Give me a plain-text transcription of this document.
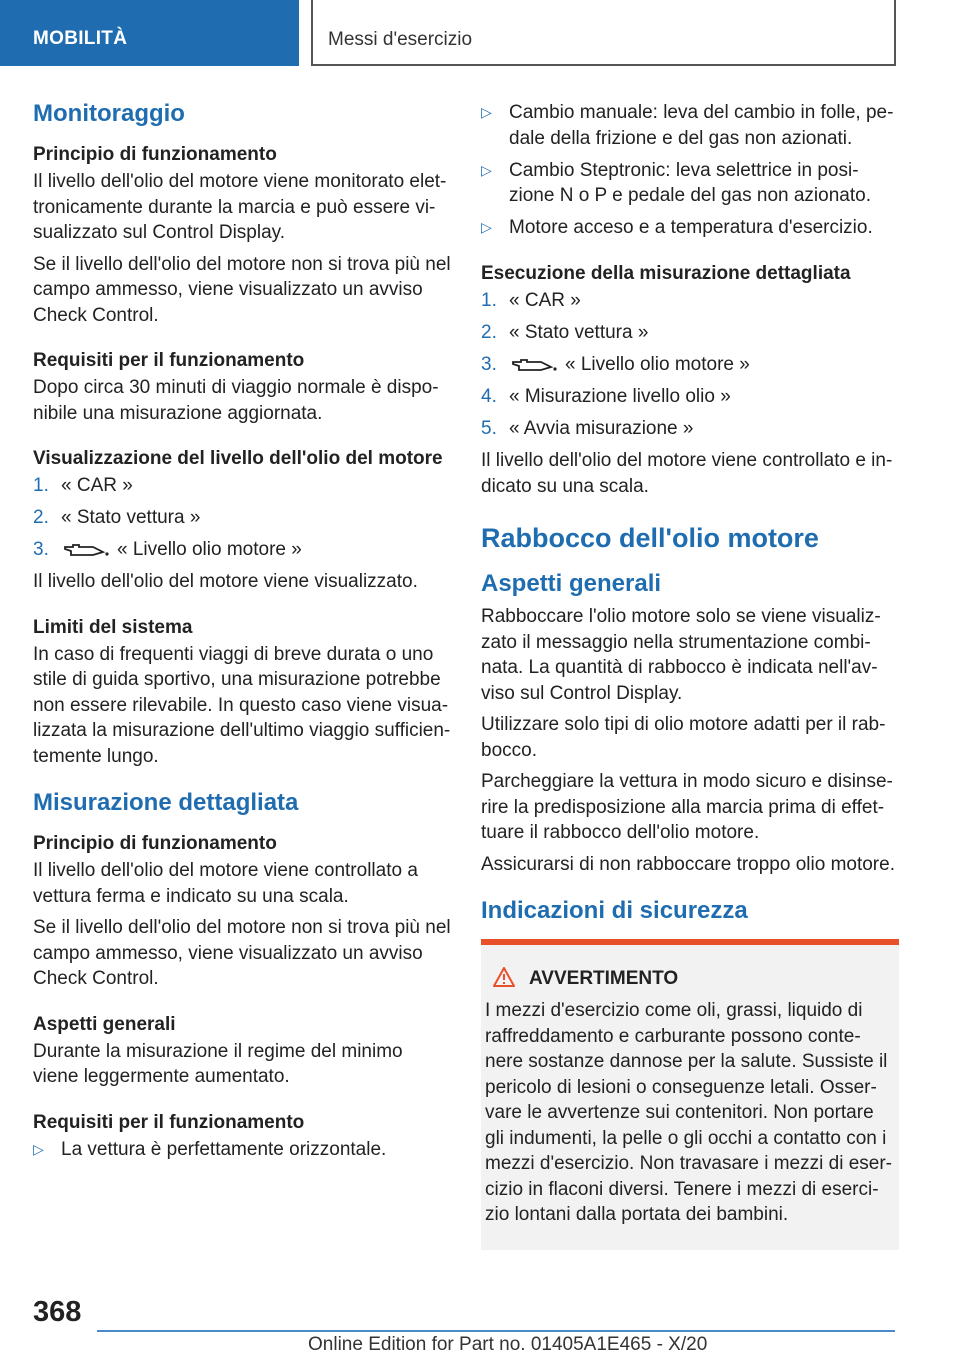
MOBILITÀ	Messi d'esercizio
Monitoraggio
Principio di funzionamento

Il livello dell'olio del motore viene monitorato elet-tronicamente durante la marcia e può essere vi-sualizzato sul Control Display.

Se il livello dell'olio del motore non si trova più nel campo ammesso, viene visualizzato un avviso Check Control.

Requisiti per il funzionamento

Dopo circa 30 minuti di viaggio normale è dispo-nibile una misurazione aggiornata.

Visualizzazione del livello dell'olio del motore
1. « CAR »
2. « Stato vettura »
3.	« Livello olio motore »

Il livello dell'olio del motore viene visualizzato.

Limiti del sistema

In caso di frequenti viaggi di breve durata o uno stile di guida sportivo, una misurazione potrebbe non essere rilevabile. In questo caso viene visua-lizzata la misurazione dell'ultimo viaggio sufficien-temente lungo.

Misurazione dettagliata
Principio di funzionamento

Il livello dell'olio del motore viene controllato a vettura ferma e indicato su una scala.

Se il livello dell'olio del motore non si trova più nel campo ammesso, viene visualizzato un avviso Check Control.

Aspetti generali

Durante la misurazione il regime del minimo viene leggermente aumentato.

Requisiti per il funzionamento
▷ La vettura è perfettamente orizzontale.
▷ Cambio manuale: leva del cambio in folle, pe-dale della frizione e del gas non azionati.
▷ Cambio Steptronic: leva selettrice in posi-zione N o P e pedale del gas non azionato.
▷ Motore acceso e a temperatura d'esercizio.
Esecuzione della misurazione dettagliata
1. « CAR »
2. « Stato vettura »
3.	« Livello olio motore »
4. « Misurazione livello olio »
5. « Avvia misurazione »

Il livello dell'olio del motore viene controllato e in-dicato su una scala.

Rabbocco dell'olio motore
Aspetti generali

Rabboccare l'olio motore solo se viene visualiz-zato il messaggio nella strumentazione combi-nata. La quantità di rabbocco è indicata nell'av-viso sul Control Display.

Utilizzare solo tipi di olio motore adatti per il rab-bocco.

Parcheggiare la vettura in modo sicuro e disinse-rire la predisposizione alla marcia prima di effet-tuare il rabbocco dell'olio motore.

Assicurarsi di non rabboccare troppo olio motore.

Indicazioni di sicurezza
AVVERTIMENTO

I mezzi d'esercizio come oli, grassi, liquido di raffreddamento e carburante possono conte-nere sostanze dannose per la salute. Sussiste il pericolo di lesioni o conseguenze letali. Osser-vare le avvertenze sui contenitori. Non portare gli indumenti, la pelle o gli occhi a contatto con i mezzi d'esercizio. Non travasare i mezzi di eser-cizio in flaconi diversi. Tenere i mezzi di eserci-zio lontani dalla portata dei bambini.

368
Online Edition for Part no. 01405A1E465 - X/20
